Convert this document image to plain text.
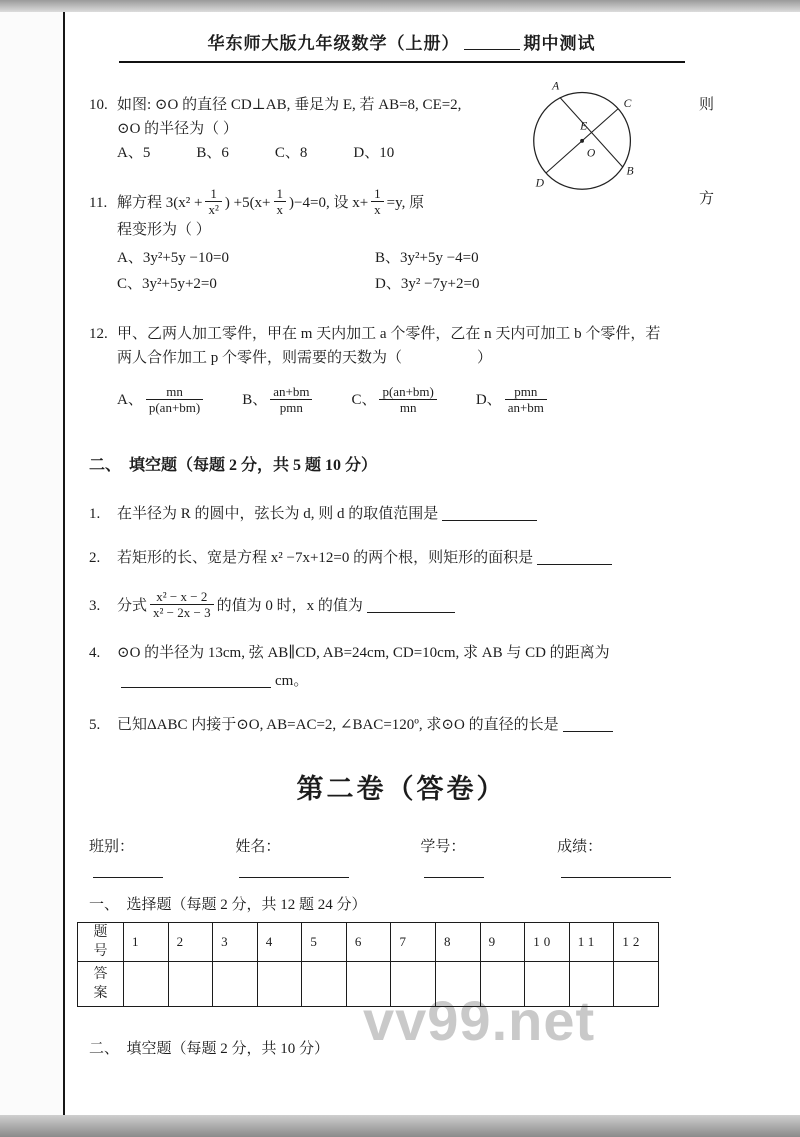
华东师大版九年级数学（上册）	期中测试
A
C
E
O
B
D
10. 如图: ⊙O 的直径 CD⊥AB, 垂足为 E, 若 AB=8, CE=2,	则
⊙O 的半径为（ ）
A、5	B、6	C、8	D、10
11. 解方程 $3(x^2 + \frac{1}{\text{x²}}$ ) $+5(x+ \frac{1}{x} )-4=0$, 设 $x+ \frac{1}{x} =y$, 原	方
程变形为（ ）
A、3y²+5y −10=0	B、3y²+5y −4=0
C、3y²+5y+2=0	D、3y² −7y+2=0
12. 甲、乙两人加工零件，甲在 m 天内加工 a 个零件，乙在 n 天内可加工 b 个零件，若
两人合作加工 p 个零件，则需要的天数为（　　　　　）
A、 $\frac{mn}{p(an+bm)}$	B、 $\frac{an+bm}{\text{pmn}}$	C、 $\frac{p(an+bm)}{mn}$	D、 $\frac{\text{pmn}}{an+bm}$
二、　填空题（每题 2 分，共 5 题 10 分）
1. 在半径为 R 的圆中，弦长为 d, 则 d 的取值范围是
2. 若矩形的长、宽是方程 x² −7x+12=0 的两个根，则矩形的面积是
3.	分式 $\frac{\text{x² − x − 2}}{\text{x² − 2x − 3}}$ 的值为 0 时，x 的值为
4. ⊙O 的半径为 13cm, 弦 AB∥CD, AB=24cm, CD=10cm, 求 AB 与 CD 的距离为
cm。
5. 已知ΔABC 内接于⊙O, AB=AC=2, ∠BAC=120º, 求⊙O 的直径的长是
第二卷（答卷）
班别：	姓名：	学号：	成绩：
一、　选择题（每题 2 分，共 12 题 24 分）
题号	1	2	3	4	5	6	7	8	9	10	11	12

答案												

二、　填空题（每题 2 分，共 10 分） vv99.net
